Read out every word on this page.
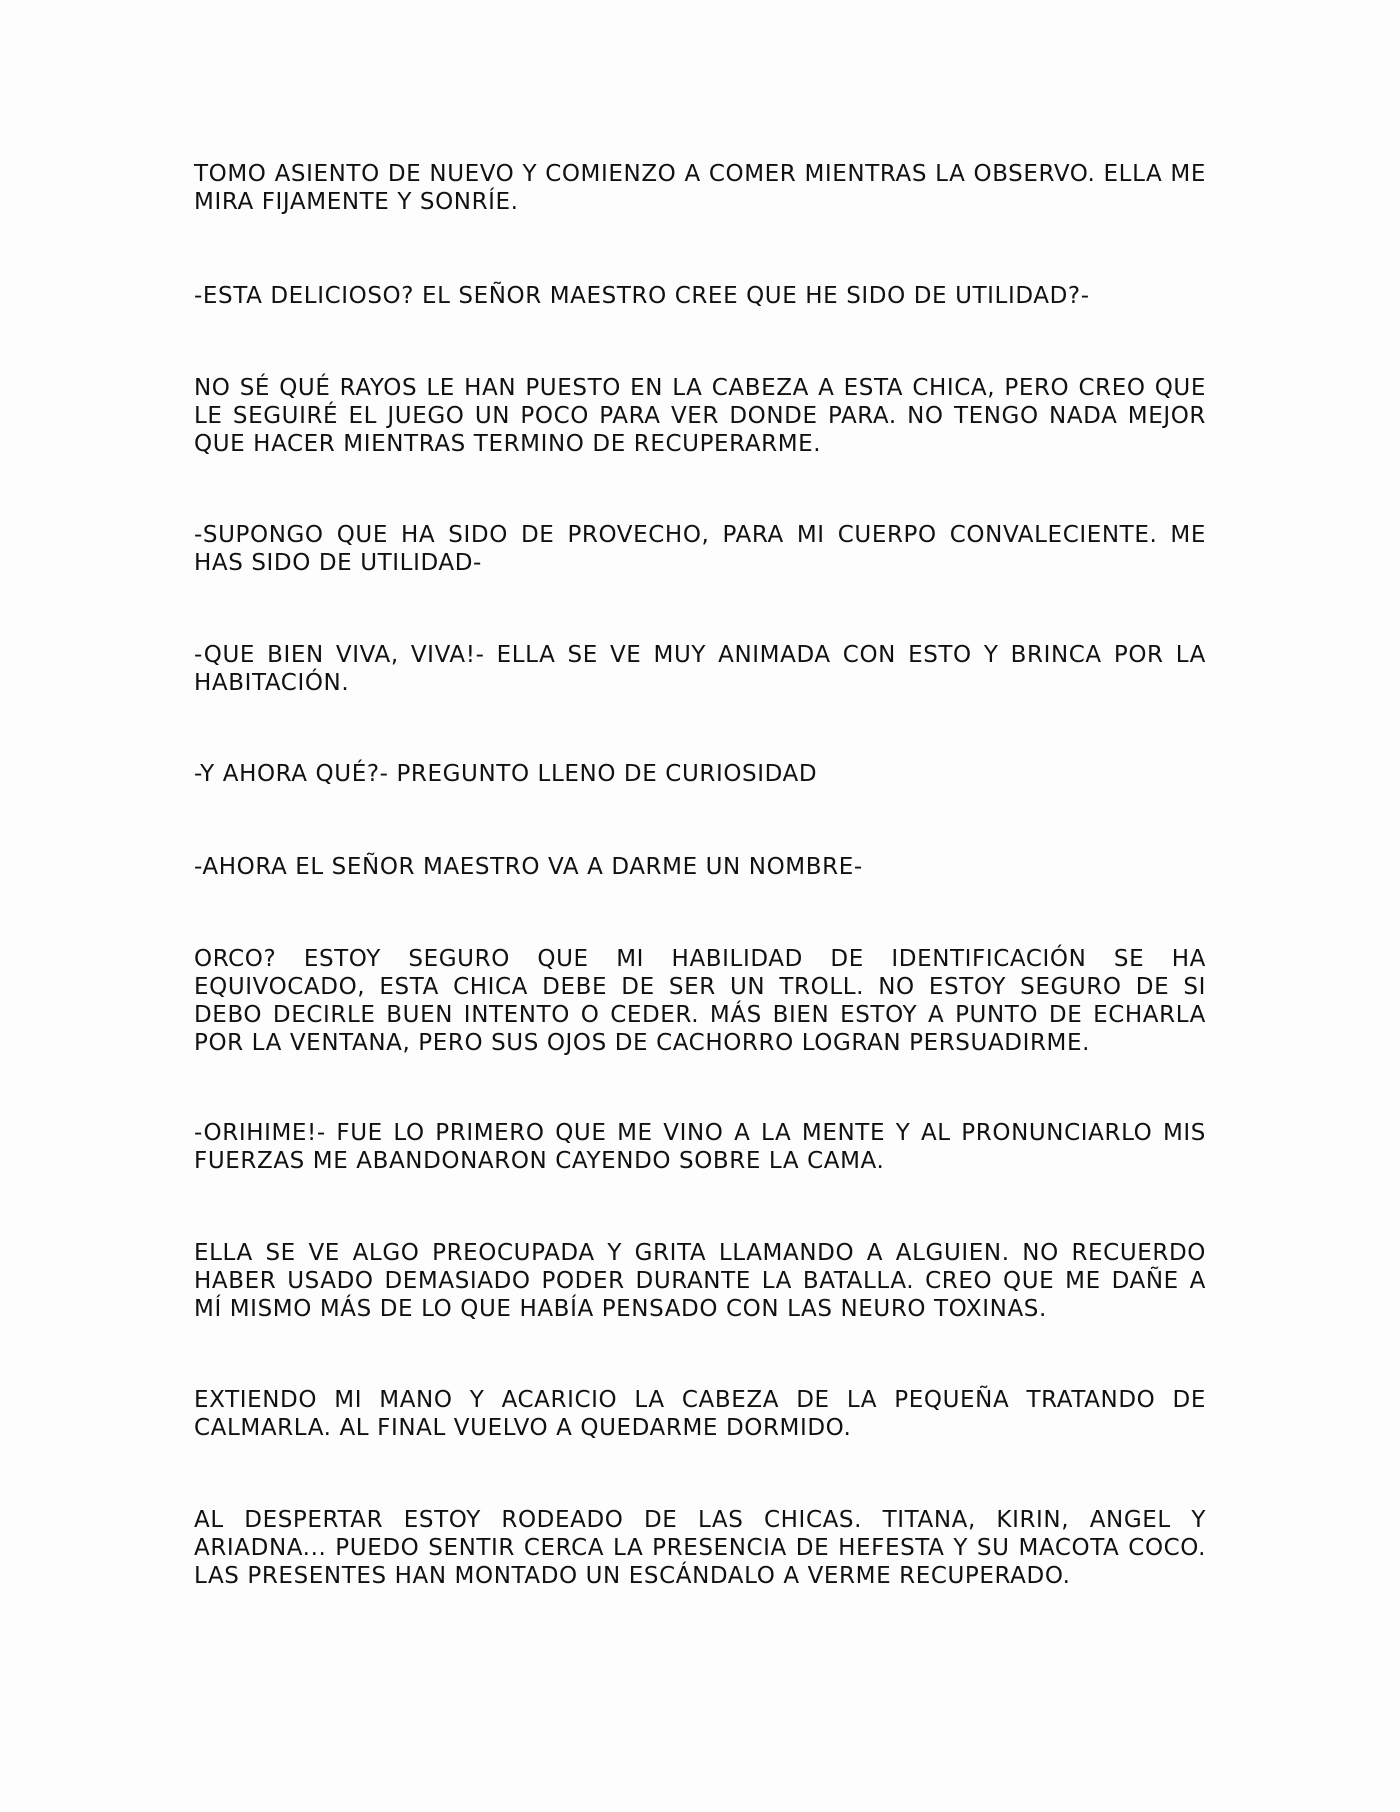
TOMO ASIENTO DE NUEVO Y COMIENZO A COMER MIENTRAS LA OBSERVO. ELLA ME MIRA FIJAMENTE Y SONRÍE.

-ESTA DELICIOSO? EL SEÑOR MAESTRO CREE QUE HE SIDO DE UTILIDAD?-

NO SÉ QUÉ RAYOS LE HAN PUESTO EN LA CABEZA A ESTA CHICA, PERO CREO QUE LE SEGUIRÉ EL JUEGO UN POCO PARA VER DONDE PARA. NO TENGO NADA MEJOR QUE HACER MIENTRAS TERMINO DE RECUPERARME.

-SUPONGO QUE HA SIDO DE PROVECHO, PARA MI CUERPO CONVALECIENTE. ME HAS SIDO DE UTILIDAD-

-QUE BIEN VIVA, VIVA!- ELLA SE VE MUY ANIMADA CON ESTO Y BRINCA POR LA HABITACIÓN.

-Y AHORA QUÉ?- PREGUNTO LLENO DE CURIOSIDAD

-AHORA EL SEÑOR MAESTRO VA A DARME UN NOMBRE-

ORCO? ESTOY SEGURO QUE MI HABILIDAD DE IDENTIFICACIÓN SE HA EQUIVOCADO, ESTA CHICA DEBE DE SER UN TROLL. NO ESTOY SEGURO DE SI DEBO DECIRLE BUEN INTENTO O CEDER. MÁS BIEN ESTOY A PUNTO DE ECHARLA POR LA VENTANA, PERO SUS OJOS DE CACHORRO LOGRAN PERSUADIRME.

-ORIHIME!- FUE LO PRIMERO QUE ME VINO A LA MENTE Y AL PRONUNCIARLO MIS FUERZAS ME ABANDONARON CAYENDO SOBRE LA CAMA.

ELLA SE VE ALGO PREOCUPADA Y GRITA LLAMANDO A ALGUIEN. NO RECUERDO HABER USADO DEMASIADO PODER DURANTE LA BATALLA. CREO QUE ME DAÑE A MÍ MISMO MÁS DE LO QUE HABÍA PENSADO CON LAS NEURO TOXINAS.

EXTIENDO MI MANO Y ACARICIO LA CABEZA DE LA PEQUEÑA TRATANDO DE CALMARLA. AL FINAL VUELVO A QUEDARME DORMIDO.

AL DESPERTAR ESTOY RODEADO DE LAS CHICAS. TITANA, KIRIN, ANGEL Y ARIADNA... PUEDO SENTIR CERCA LA PRESENCIA DE HEFESTA Y SU MACOTA COCO. LAS PRESENTES HAN MONTADO UN ESCÁNDALO A VERME RECUPERADO.
